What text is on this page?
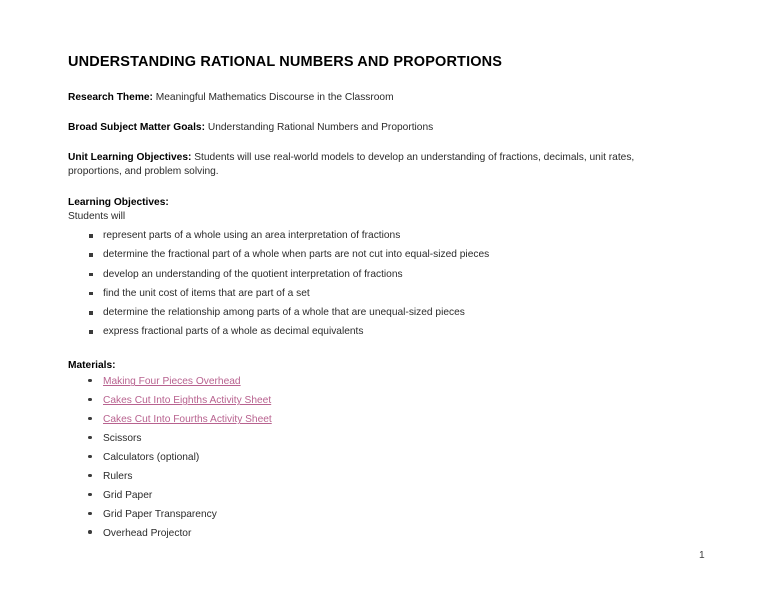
UNDERSTANDING RATIONAL NUMBERS AND PROPORTIONS

Research Theme: Meaningful Mathematics Discourse in the Classroom

Broad Subject Matter Goals: Understanding Rational Numbers and Proportions

Unit Learning Objectives: Students will use real-world models to develop an understanding of fractions, decimals, unit rates, proportions, and problem solving.

Learning Objectives:

Students will

represent parts of a whole using an area interpretation of fractions
determine the fractional part of a whole when parts are not cut into equal-sized pieces
develop an understanding of the quotient interpretation of fractions
find the unit cost of items that are part of a set
determine the relationship among parts of a whole that are unequal-sized pieces
express fractional parts of a whole as decimal equivalents

Materials:

Making Four Pieces Overhead
Cakes Cut Into Eighths Activity Sheet
Cakes Cut Into Fourths Activity Sheet
Scissors
Calculators (optional)
Rulers
Grid Paper
Grid Paper Transparency
Overhead Projector
1
